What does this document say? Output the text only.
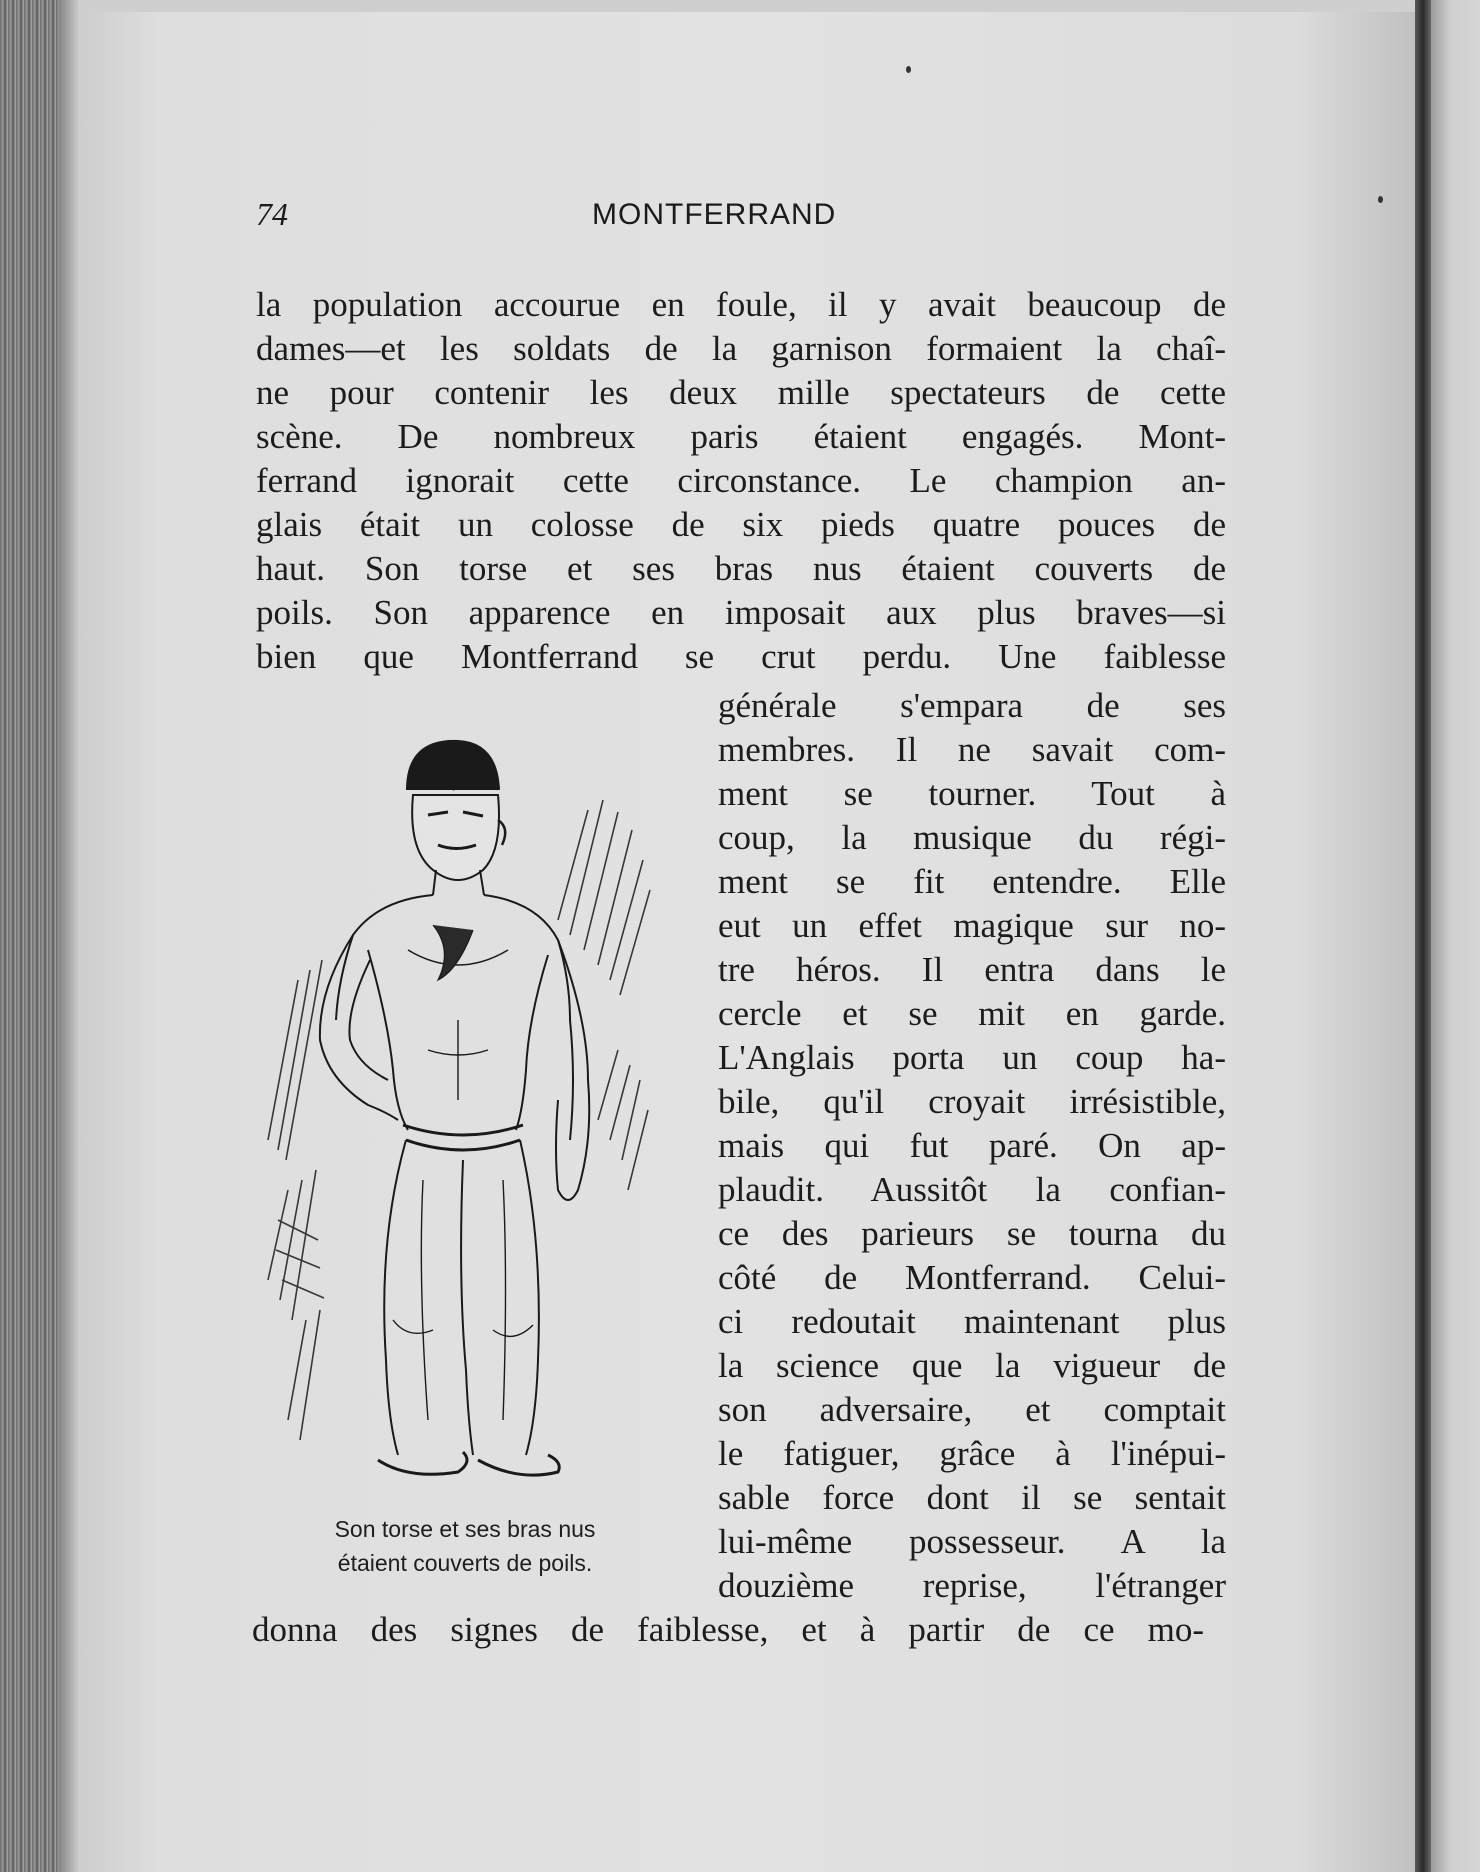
74	MONTFERRAND
la population accourue en foule, il y avait beaucoup de
dames—et les soldats de la garnison formaient la chaî-
ne pour contenir les deux mille spectateurs de cette
scène. De nombreux paris étaient engagés. Mont-
ferrand ignorait cette circonstance. Le champion an-
glais était un colosse de six pieds quatre pouces de
haut. Son torse et ses bras nus étaient couverts de
poils. Son apparence en imposait aux plus braves—si
bien que Montferrand se crut perdu. Une faiblesse
générale s'empara de ses
membres. Il ne savait com-
ment se tourner. Tout à
coup, la musique du régi-
ment se fit entendre. Elle
eut un effet magique sur no-
tre héros. Il entra dans le
cercle et se mit en garde.
L'Anglais porta un coup ha-
bile, qu'il croyait irrésistible,
mais qui fut paré. On ap-
plaudit. Aussitôt la confian-
ce des parieurs se tourna du
côté de Montferrand. Celui-
ci redoutait maintenant plus
la science que la vigueur de
son adversaire, et comptait
le fatiguer, grâce à l'inépui-
sable force dont il se sentait
lui-même possesseur. A la
douzième reprise, l'étranger
donna des signes de faiblesse, et à partir de ce mo-
Son torse et ses bras nus
étaient couverts de poils.
